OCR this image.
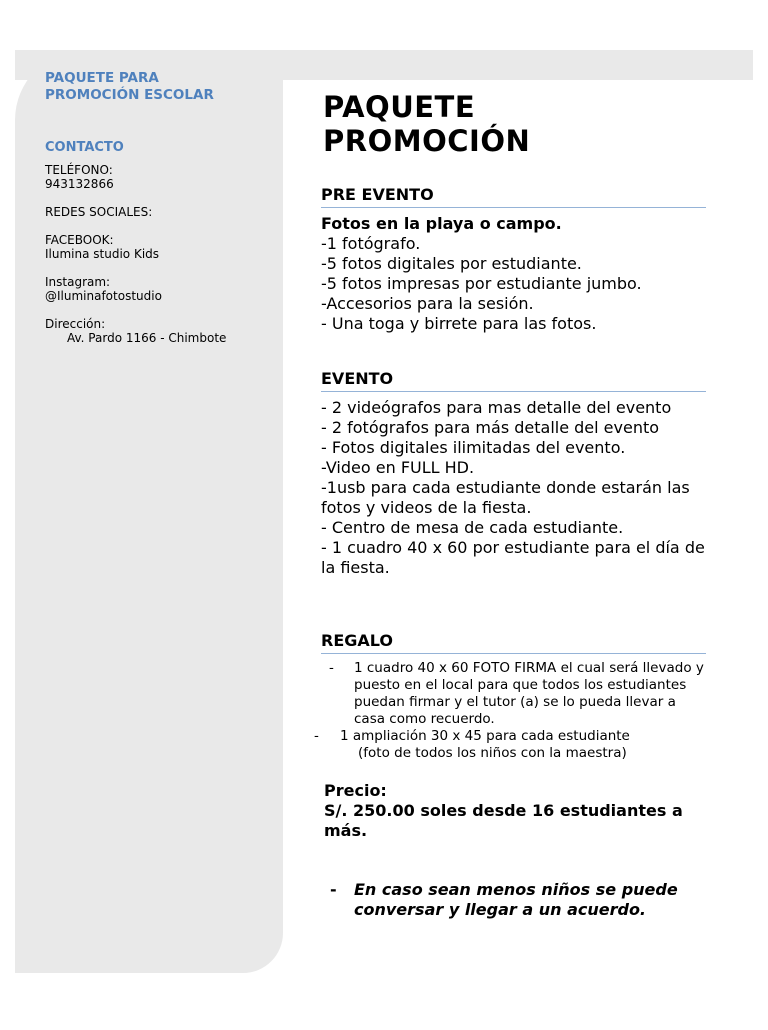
PAQUETE PARA
PROMOCIÓN ESCOLAR
CONTACTO
TELÉFONO:
943132866
REDES SOCIALES:
FACEBOOK:
Ilumina studio Kids
Instagram:
@Iluminafotostudio
Dirección:
Av. Pardo 1166 - Chimbote
PAQUETE
PROMOCIÓN
PRE EVENTO
Fotos en la playa o campo.
-1 fotógrafo.
-5 fotos digitales por estudiante.
-5 fotos impresas por estudiante jumbo.
-Accesorios para la sesión.
- Una toga y birrete para las fotos.
EVENTO
- 2 videógrafos para mas detalle del evento
- 2 fotógrafos para más detalle del evento
- Fotos digitales ilimitadas del evento.
-Video en FULL HD.
-1usb para cada estudiante donde estarán las fotos y videos de la fiesta.
- Centro de mesa de cada estudiante.
- 1 cuadro 40 x 60 por estudiante para el día de la fiesta.
REGALO
- 1 cuadro 40 x 60 FOTO FIRMA el cual será llevado y puesto en el local para que todos los estudiantes puedan firmar y el tutor (a) se lo pueda llevar a casa como recuerdo.
- 1 ampliación 30 x 45 para cada estudiante
(foto de todos los niños con la maestra)
Precio:
S/. 250.00 soles desde 16 estudiantes a más.
-	En caso sean menos niños se puede conversar y llegar a un acuerdo.
